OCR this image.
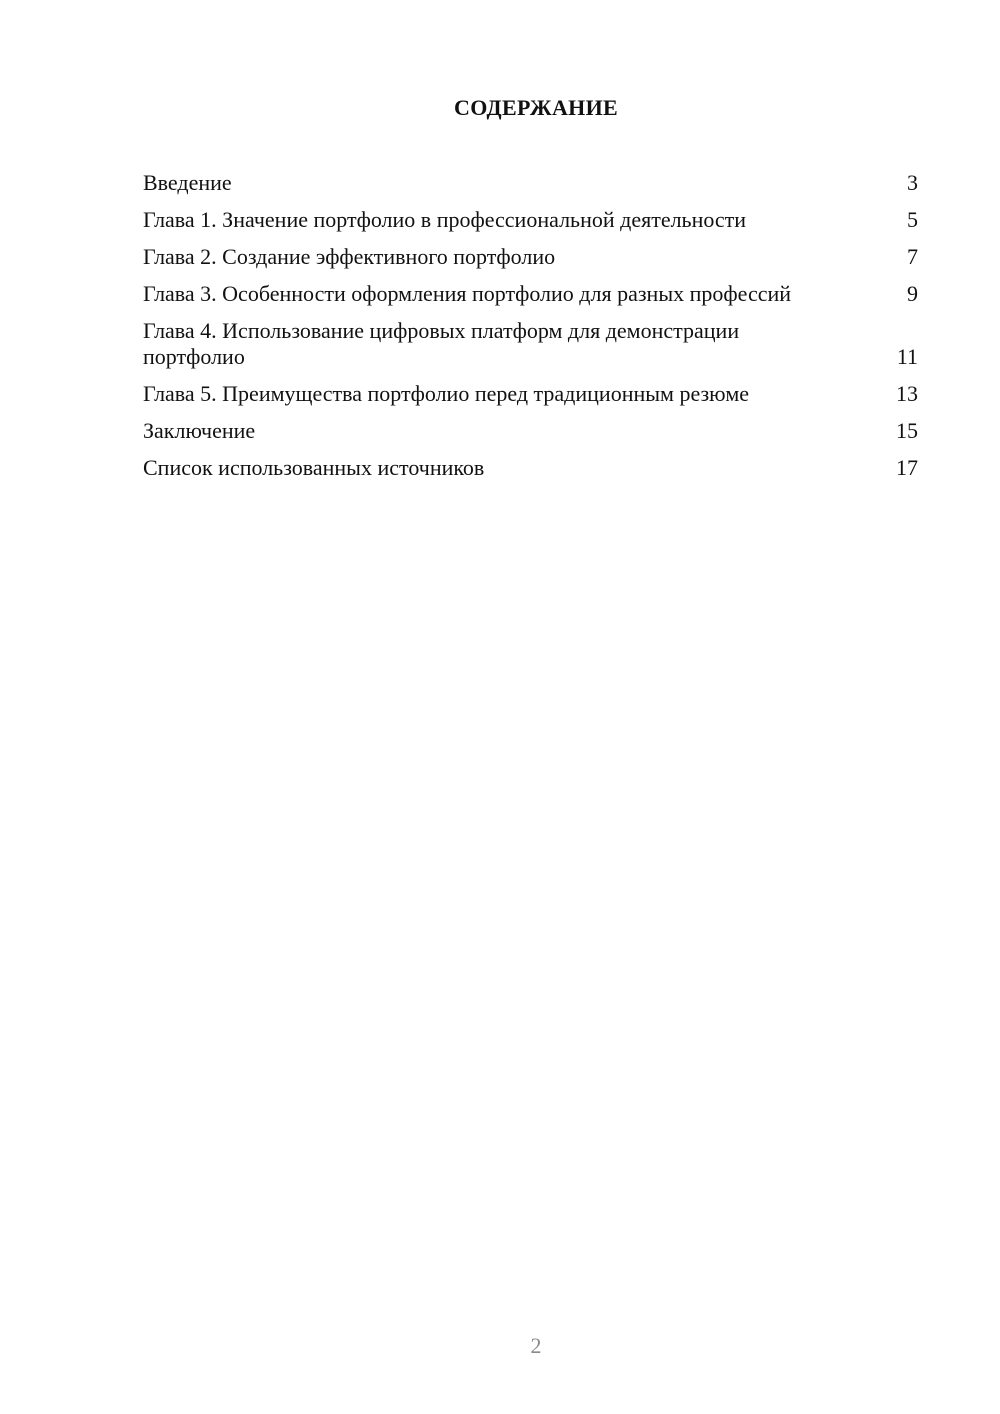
СОДЕРЖАНИЕ
Введение	3
Глава 1. Значение портфолио в профессиональной деятельности	5
Глава 2. Создание эффективного портфолио	7
Глава 3. Особенности оформления портфолио для разных профессий	9
Глава 4. Использование цифровых платформ для демонстрации портфолио	11
Глава 5. Преимущества портфолио перед традиционным резюме	13
Заключение	15
Список использованных источников	17
2
